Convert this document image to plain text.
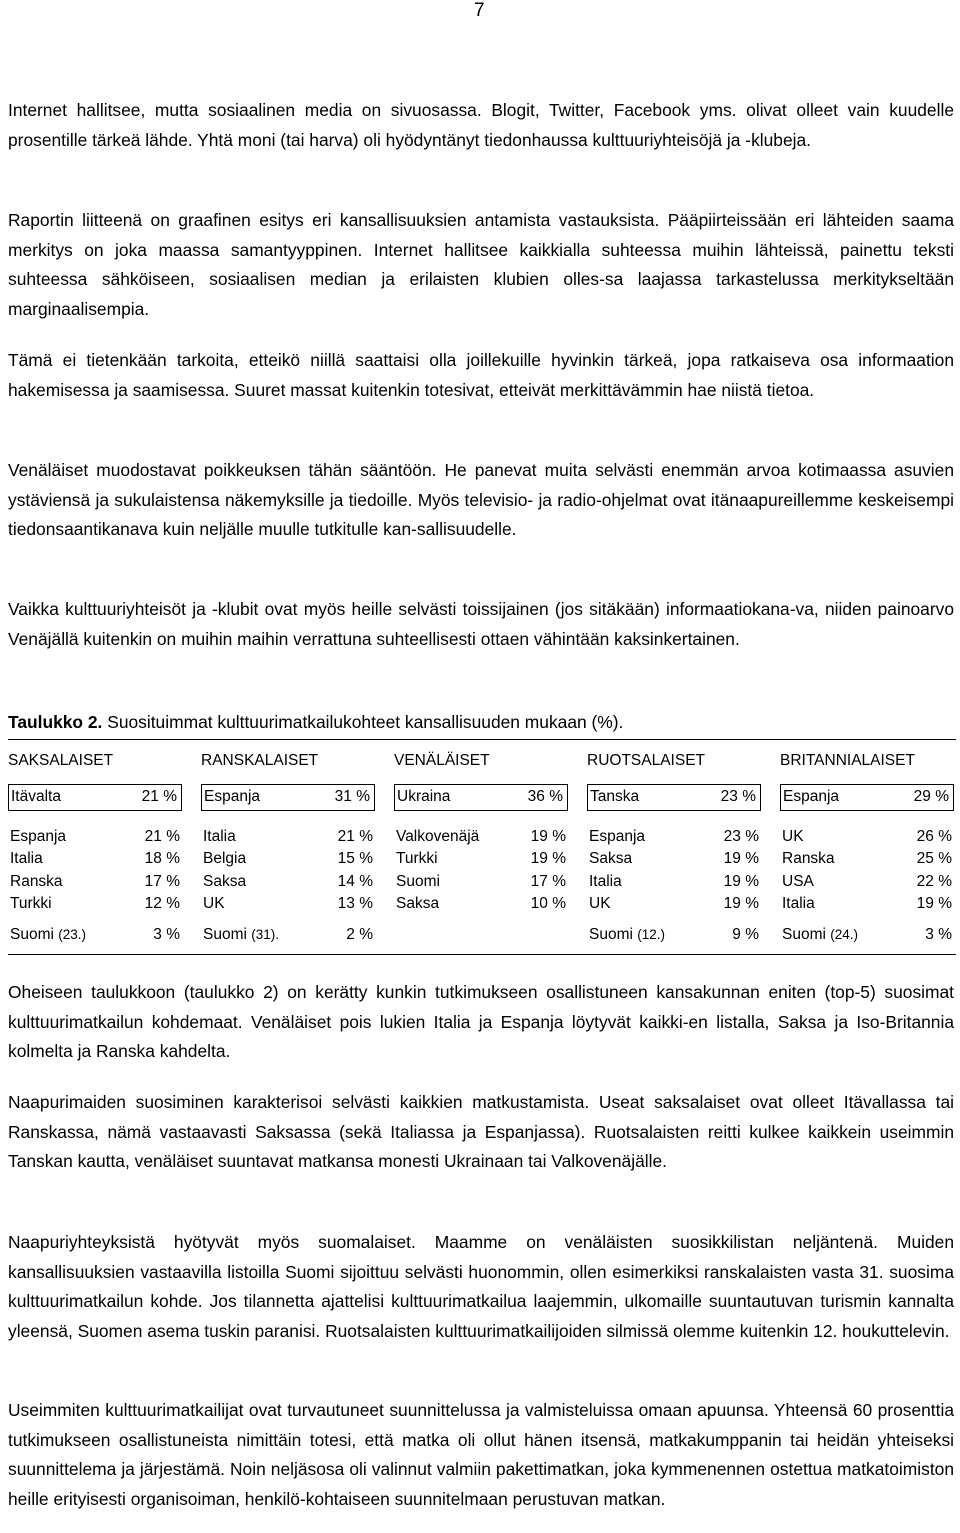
7

Internet hallitsee, mutta sosiaalinen media on sivuosassa. Blogit, Twitter, Facebook yms. olivat olleet vain kuudelle prosentille tärkeä lähde. Yhtä moni (tai harva) oli hyödyntänyt tiedonhaussa kulttuuriyhteisöjä ja -klubeja.

Raportin liitteenä on graafinen esitys eri kansallisuuksien antamista vastauksista. Pääpiirteissään eri lähteiden saama merkitys on joka maassa samantyyppinen. Internet hallitsee kaikkialla suhteessa muihin lähteissä, painettu teksti suhteessa sähköiseen, sosiaalisen median ja erilaisten klubien olles-sa laajassa tarkastelussa merkitykseltään marginaalisempia.

Tämä ei tietenkään tarkoita, etteikö niillä saattaisi olla joillekuille hyvinkin tärkeä, jopa ratkaiseva osa informaation hakemisessa ja saamisessa. Suuret massat kuitenkin totesivat, etteivät merkittävämmin hae niistä tietoa.

Venäläiset muodostavat poikkeuksen tähän sääntöön. He panevat muita selvästi enemmän arvoa kotimaassa asuvien ystäviensä ja sukulaistensa näkemyksille ja tiedoille. Myös televisio- ja radio-ohjelmat ovat itänaapureillemme keskeisempi tiedonsaantikanava kuin neljälle muulle tutkitulle kan-sallisuudelle.

Vaikka kulttuuriyhteisöt ja -klubit ovat myös heille selvästi toissijainen (jos sitäkään) informaatiokana-va, niiden painoarvo Venäjällä kuitenkin on muihin maihin verrattuna suhteellisesti ottaen vähintään kaksinkertainen.

Taulukko 2. Suosituimmat kulttuurimatkailukohteet kansallisuuden mukaan (%).
SAKSALAISET
Itävalta	21 %
Espanja	21 %
Italia	18 %
Ranska	17 %
Turkki	12 %
Suomi (23.)	3 %
RANSKALAISET
Espanja	31 %
Italia	21 %
Belgia	15 %
Saksa	14 %
UK	13 %
Suomi (31).	2 %
VENÄLÄISET
Ukraina	36 %
Valkovenäjä	19 %
Turkki	19 %
Suomi	17 %
Saksa	10 %
RUOTSALAISET
Tanska	23 %
Espanja	23 %
Saksa	19 %
Italia	19 %
UK	19 %
Suomi (12.)	9 %
BRITANNIALAISET
Espanja	29 %
UK	26 %
Ranska	25 %
USA	22 %
Italia	19 %
Suomi (24.)	3 %

Oheiseen taulukkoon (taulukko 2) on kerätty kunkin tutkimukseen osallistuneen kansakunnan eniten (top-5) suosimat kulttuurimatkailun kohdemaat. Venäläiset pois lukien Italia ja Espanja löytyvät kaikki-en listalla, Saksa ja Iso-Britannia kolmelta ja Ranska kahdelta.

Naapurimaiden suosiminen karakterisoi selvästi kaikkien matkustamista. Useat saksalaiset ovat olleet Itävallassa tai Ranskassa, nämä vastaavasti Saksassa (sekä Italiassa ja Espanjassa). Ruotsalaisten reitti kulkee kaikkein useimmin Tanskan kautta, venäläiset suuntavat matkansa monesti Ukrainaan tai Valkovenäjälle.

Naapuriyhteyksistä hyötyvät myös suomalaiset. Maamme on venäläisten suosikkilistan neljäntenä. Muiden kansallisuuksien vastaavilla listoilla Suomi sijoittuu selvästi huonommin, ollen esimerkiksi ranskalaisten vasta 31. suosima kulttuurimatkailun kohde. Jos tilannetta ajattelisi kulttuurimatkailua laajemmin, ulkomaille suuntautuvan turismin kannalta yleensä, Suomen asema tuskin paranisi. Ruotsalaisten kulttuurimatkailijoiden silmissä olemme kuitenkin 12. houkuttelevin.

Useimmiten kulttuurimatkailijat ovat turvautuneet suunnittelussa ja valmisteluissa omaan apuunsa. Yhteensä 60 prosenttia tutkimukseen osallistuneista nimittäin totesi, että matka oli ollut hänen itsensä, matkakumppanin tai heidän yhteiseksi suunnittelema ja järjestämä. Noin neljäsosa oli valinnut valmiin pakettimatkan, joka kymmenennen ostettua matkatoimiston heille erityisesti organisoiman, henkilö-kohtaiseen suunnitelmaan perustuvan matkan.
